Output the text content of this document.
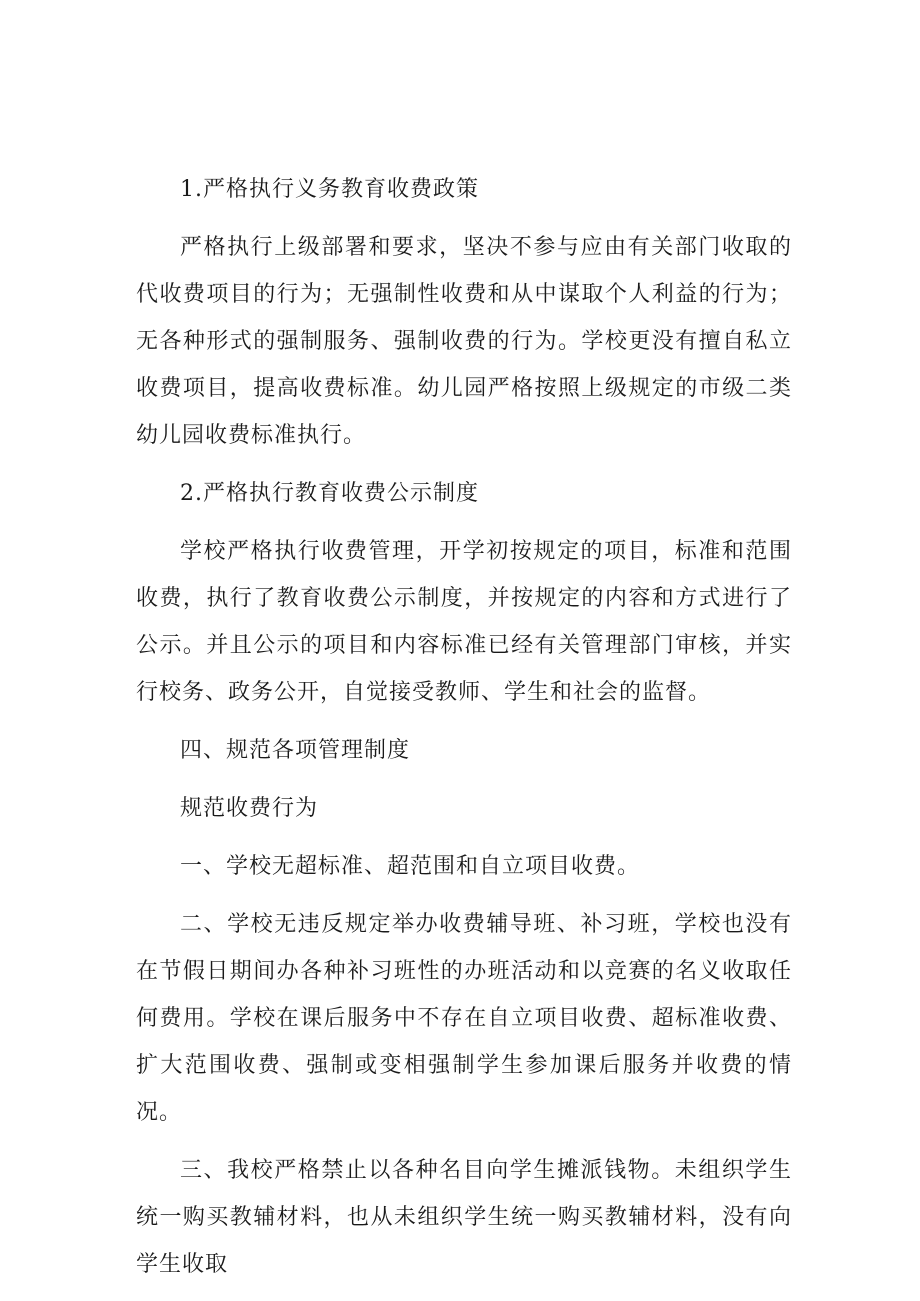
1.严格执行义务教育收费政策

严格执行上级部署和要求，坚决不参与应由有关部门收取的代收费项目的行为；无强制性收费和从中谋取个人利益的行为；无各种形式的强制服务、强制收费的行为。学校更没有擅自私立收费项目，提高收费标准。幼儿园严格按照上级规定的市级二类幼儿园收费标准执行。

2.严格执行教育收费公示制度

学校严格执行收费管理，开学初按规定的项目，标准和范围收费，执行了教育收费公示制度，并按规定的内容和方式进行了公示。并且公示的项目和内容标准已经有关管理部门审核，并实行校务、政务公开，自觉接受教师、学生和社会的监督。

四、规范各项管理制度

规范收费行为

一、学校无超标准、超范围和自立项目收费。

二、学校无违反规定举办收费辅导班、补习班，学校也没有在节假日期间办各种补习班性的办班活动和以竞赛的名义收取任何费用。学校在课后服务中不存在自立项目收费、超标准收费、扩大范围收费、强制或变相强制学生参加课后服务并收费的情况。

三、我校严格禁止以各种名目向学生摊派钱物。未组织学生统一购买教辅材料，也从未组织学生统一购买教辅材料，没有向学生收取
